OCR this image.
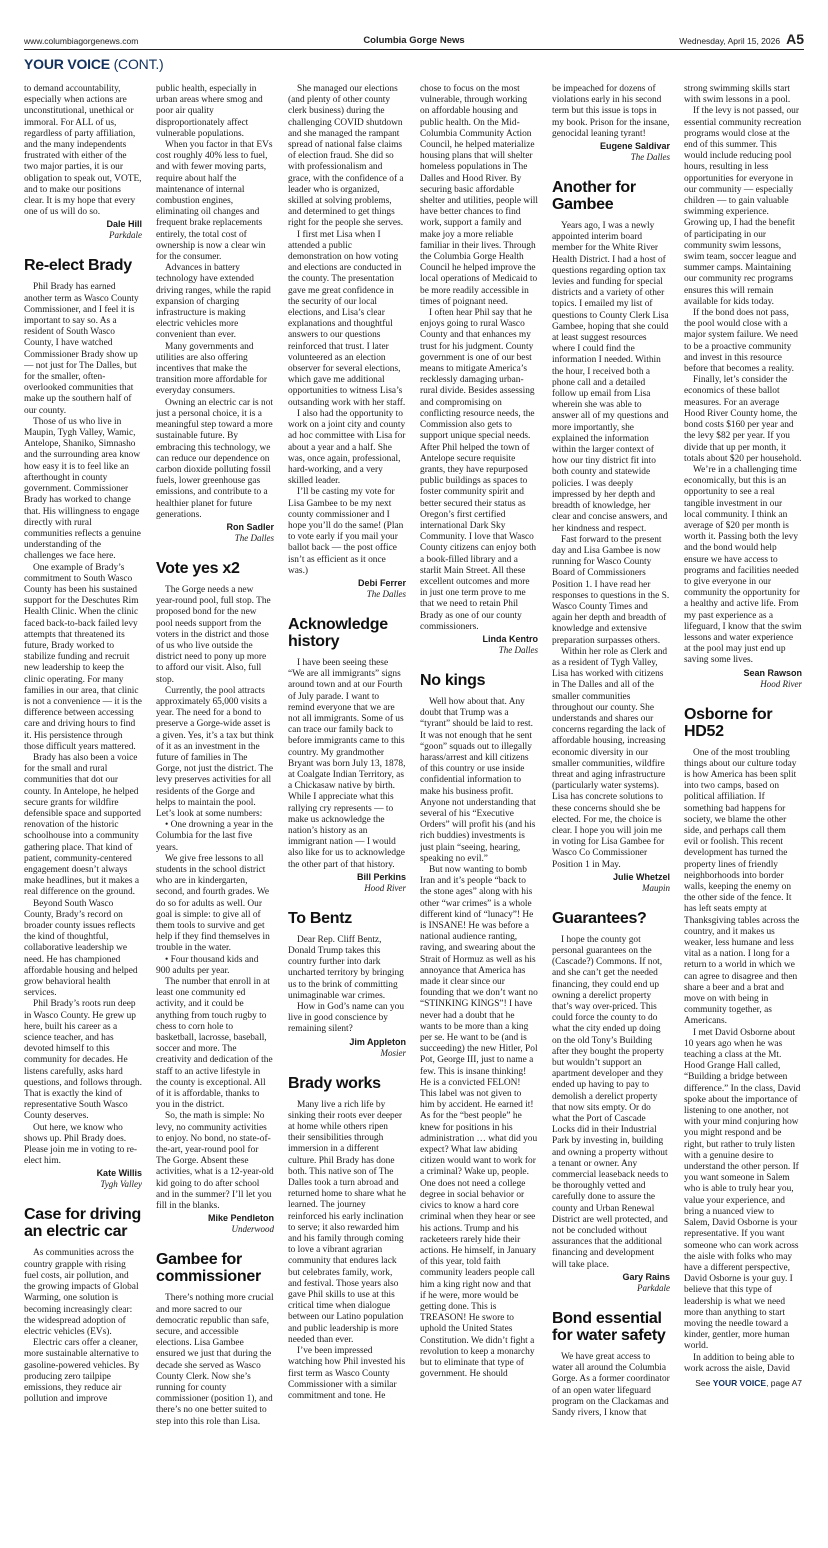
www.columbiagorgenews.com	Columbia Gorge News	Wednesday, April 15, 2026 A5
YOUR VOICE (CONT.)

to demand accountability, especially when actions are unconstitutional, unethical or immoral. For ALL of us, regardless of party affiliation, and the many independents frustrated with either of the two major parties, it is our obligation to speak out, VOTE, and to make our positions clear. It is my hope that every one of us will do so.

Dale Hill
Parkdale
Re-elect Brady

Phil Brady has earned another term as Wasco County Commissioner, and I feel it is important to say so. As a resident of South Wasco County, I have watched Commissioner Brady show up — not just for The Dalles, but for the smaller, often-overlooked communities that make up the southern half of our county.

Those of us who live in Maupin, Tygh Valley, Wamic, Antelope, Shaniko, Simnasho and the surrounding area know how easy it is to feel like an afterthought in county government. Commissioner Brady has worked to change that. His willingness to engage directly with rural communities reflects a genuine understanding of the challenges we face here.

One example of Brady’s commitment to South Wasco County has been his sustained support for the Deschutes Rim Health Clinic. When the clinic faced back-to-back failed levy attempts that threatened its future, Brady worked to stabilize funding and recruit new leadership to keep the clinic operating. For many families in our area, that clinic is not a convenience — it is the difference between accessing care and driving hours to find it. His persistence through those difficult years mattered.

Brady has also been a voice for the small and rural communities that dot our county. In Antelope, he helped secure grants for wildfire defensible space and supported renovation of the historic schoolhouse into a community gathering place. That kind of patient, community-centered engagement doesn’t always make headlines, but it makes a real difference on the ground.

Beyond South Wasco County, Brady’s record on broader county issues reflects the kind of thoughtful, collaborative leadership we need. He has championed affordable housing and helped grow behavioral health services.

Phil Brady’s roots run deep in Wasco County. He grew up here, built his career as a science teacher, and has devoted himself to this community for decades. He listens carefully, asks hard questions, and follows through. That is exactly the kind of representative South Wasco County deserves.

Out here, we know who shows up. Phil Brady does. Please join me in voting to re-elect him.

Kate Willis
Tygh Valley
Case for driving an electric car

As communities across the country grapple with rising fuel costs, air pollution, and the growing impacts of Global Warming, one solution is becoming increasingly clear: the widespread adoption of electric vehicles (EVs).

Electric cars offer a cleaner, more sustainable alternative to gasoline-powered vehicles. By producing zero tailpipe emissions, they reduce air pollution and improve

public health, especially in urban areas where smog and poor air quality disproportionately affect vulnerable populations.

When you factor in that EVs cost roughly 40% less to fuel, and with fewer moving parts, require about half the maintenance of internal combustion engines, eliminating oil changes and frequent brake replacements entirely, the total cost of ownership is now a clear win for the consumer.

Advances in battery technology have extended driving ranges, while the rapid expansion of charging infrastructure is making electric vehicles more convenient than ever.

Many governments and utilities are also offering incentives that make the transition more affordable for everyday consumers.

Owning an electric car is not just a personal choice, it is a meaningful step toward a more sustainable future. By embracing this technology, we can reduce our dependence on carbon dioxide polluting fossil fuels, lower greenhouse gas emissions, and contribute to a healthier planet for future generations.

Ron Sadler
The Dalles
Vote yes x2

The Gorge needs a new year-round pool, full stop. The proposed bond for the new pool needs support from the voters in the district and those of us who live outside the district need to pony up more to afford our visit. Also, full stop.

Currently, the pool attracts approximately 65,000 visits a year. The need for a bond to preserve a Gorge-wide asset is a given. Yes, it’s a tax but think of it as an investment in the future of families in The Gorge, not just the district. The levy preserves activities for all residents of the Gorge and helps to maintain the pool. Let’s look at some numbers:

• One drowning a year in the Columbia for the last five years.

We give free lessons to all students in the school district who are in kindergarten, second, and fourth grades. We do so for adults as well. Our goal is simple: to give all of them tools to survive and get help if they find themselves in trouble in the water.

• Four thousand kids and 900 adults per year.

The number that enroll in at least one community ed activity, and it could be anything from touch rugby to chess to corn hole to basketball, lacrosse, baseball, soccer and more. The creativity and dedication of the staff to an active lifestyle in the county is exceptional. All of it is affordable, thanks to you in the district.

So, the math is simple: No levy, no community activities to enjoy. No bond, no state-of-the-art, year-round pool for The Gorge. Absent these activities, what is a 12-year-old kid going to do after school and in the summer? I’ll let you fill in the blanks.

Mike Pendleton
Underwood
Gambee for commissioner

There’s nothing more crucial and more sacred to our democratic republic than safe, secure, and accessible elections. Lisa Gambee ensured we just that during the decade she served as Wasco County Clerk. Now she’s running for county commissioner (position 1), and there’s no one better suited to step into this role than Lisa.

She managed our elections (and plenty of other county clerk business) during the challenging COVID shutdown and she managed the rampant spread of national false claims of election fraud. She did so with professionalism and grace, with the confidence of a leader who is organized, skilled at solving problems, and determined to get things right for the people she serves.

I first met Lisa when I attended a public demonstration on how voting and elections are conducted in the county. The presentation gave me great confidence in the security of our local elections, and Lisa’s clear explanations and thoughtful answers to our questions reinforced that trust. I later volunteered as an election observer for several elections, which gave me additional opportunities to witness Lisa’s outsanding work with her staff.

I also had the opportunity to work on a joint city and county ad hoc committee with Lisa for about a year and a half. She was, once again, professional, hard-working, and a very skilled leader.

I’ll be casting my vote for Lisa Gambee to be my next county commissioner and I hope you’ll do the same! (Plan to vote early if you mail your ballot back — the post office isn’t as efficient as it once was.)

Debi Ferrer
The Dalles
Acknowledge history

I have been seeing these “We are all immigrants” signs around town and at our Fourth of July parade. I want to remind everyone that we are not all immigrants. Some of us can trace our family back to before immigrants came to this country. My grandmother Bryant was born July 13, 1878, at Coalgate Indian Territory, as a Chickasaw native by birth. While I appreciate what this rallying cry represents — to make us acknowledge the nation’s history as an immigrant nation — I would also like for us to acknowledge the other part of that history.

Bill Perkins
Hood River
To Bentz

Dear Rep. Cliff Bentz, Donald Trump takes this country further into dark uncharted territory by bringing us to the brink of committing unimaginable war crimes.

How in God’s name can you live in good conscience by remaining silent?

Jim Appleton
Mosier
Brady works

Many live a rich life by sinking their roots ever deeper at home while others ripen their sensibilities through immersion in a different culture. Phil Brady has done both. This native son of The Dalles took a turn abroad and returned home to share what he learned. The journey reinforced his early inclination to serve; it also rewarded him and his family through coming to love a vibrant agrarian community that endures lack but celebrates family, work, and festival. Those years also gave Phil skills to use at this critical time when dialogue between our Latino population and public leadership is more needed than ever.

I’ve been impressed watching how Phil invested his first term as Wasco County Commissioner with a similar commitment and tone. He

chose to focus on the most vulnerable, through working on affordable housing and public health. On the Mid-Columbia Community Action Council, he helped materialize housing plans that will shelter homeless populations in The Dalles and Hood River. By securing basic affordable shelter and utilities, people will have better chances to find work, support a family and make joy a more reliable familiar in their lives. Through the Columbia Gorge Health Council he helped improve the local operations of Medicaid to be more readily accessible in times of poignant need.

I often hear Phil say that he enjoys going to rural Wasco County and that enhances my trust for his judgment. County government is one of our best means to mitigate America’s recklessly damaging urban-rural divide. Besides assessing and compromising on conflicting resource needs, the Commission also gets to support unique special needs. After Phil helped the town of Antelope secure requisite grants, they have repurposed public buildings as spaces to foster community spirit and better secured their status as Oregon’s first certified international Dark Sky Community. I love that Wasco County citizens can enjoy both a book-filled library and a starlit Main Street. All these excellent outcomes and more in just one term prove to me that we need to retain Phil Brady as one of our county commissioners.

Linda Kentro
The Dalles
No kings

Well how about that. Any doubt that Trump was a “tyrant” should be laid to rest. It was not enough that he sent “goon” squads out to illegally harass/arrest and kill citizens of this country or use inside confidential information to make his business profit. Anyone not understanding that several of his “Executive Orders” will profit his (and his rich buddies) investments is just plain “seeing, hearing, speaking no evil.”

But now wanting to bomb Iran and it’s people “back to the stone ages” along with his other “war crimes” is a whole different kind of “lunacy”! He is INSANE! He was before a national audience ranting, raving, and swearing about the Strait of Hormuz as well as his annoyance that America has made it clear since our founding that we don’t want no “STINKING KINGS”! I have never had a doubt that he wants to be more than a king per se. He want to be (and is succeeding) the new Hitler, Pol Pot, George III, just to name a few. This is insane thinking! He is a convicted FELON! This label was not given to him by accident. He earned it! As for the “best people” he knew for positions in his administration … what did you expect? What law abiding citizen would want to work for a criminal? Wake up, people. One does not need a college degree in social behavior or civics to know a hard core criminal when they hear or see his actions. Trump and his racketeers rarely hide their actions. He himself, in January of this year, told faith community leaders people call him a king right now and that if he were, more would be getting done. This is TREASON! He swore to uphold the United States Constitution. We didn’t fight a revolution to keep a monarchy but to eliminate that type of government. He should

be impeached for dozens of violations early in his second term but this issue is tops in my book. Prison for the insane, genocidal leaning tyrant!

Eugene Saldivar
The Dalles
Another for Gambee

Years ago, I was a newly appointed interim board member for the White River Health District. I had a host of questions regarding option tax levies and funding for special districts and a variety of other topics. I emailed my list of questions to County Clerk Lisa Gambee, hoping that she could at least suggest resources where I could find the information I needed. Within the hour, I received both a phone call and a detailed follow up email from Lisa wherein she was able to answer all of my questions and more importantly, she explained the information within the larger context of how our tiny district fit into both county and statewide policies. I was deeply impressed by her depth and breadth of knowledge, her clear and concise answers, and her kindness and respect.

Fast forward to the present day and Lisa Gambee is now running for Wasco County Board of Commissioners Position 1. I have read her responses to questions in the S. Wasco County Times and again her depth and breadth of knowledge and extensive preparation surpasses others.

Within her role as Clerk and as a resident of Tygh Valley, Lisa has worked with citizens in The Dalles and all of the smaller communities throughout our county. She understands and shares our concerns regarding the lack of affordable housing, increasing economic diversity in our smaller communities, wildfire threat and aging infrastructure (particularly water systems). Lisa has concrete solutions to these concerns should she be elected. For me, the choice is clear. I hope you will join me in voting for Lisa Gambee for Wasco Co Commissioner Position 1 in May.

Julie Whetzel
Maupin
Guarantees?

I hope the county got personal guarantees on the (Cascade?) Commons. If not, and she can’t get the needed financing, they could end up owning a derelict property that’s way over-priced. This could force the county to do what the city ended up doing on the old Tony’s Building after they bought the property but wouldn’t support an apartment developer and they ended up having to pay to demolish a derelict property that now sits empty. Or do what the Port of Cascade Locks did in their Industrial Park by investing in, building and owning a property without a tenant or owner. Any commercial leaseback needs to be thoroughly vetted and carefully done to assure the county and Urban Renewal District are well protected, and not be concluded without assurances that the additional financing and development will take place.

Gary Rains
Parkdale
Bond essential for water safety

We have great access to water all around the Columbia Gorge. As a former coordinator of an open water lifeguard program on the Clackamas and Sandy rivers, I know that

strong swimming skills start with swim lessons in a pool.

If the levy is not passed, our essential community recreation programs would close at the end of this summer. This would include reducing pool hours, resulting in less opportunities for everyone in our community — especially children — to gain valuable swimming experience. Growing up, I had the benefit of participating in our community swim lessons, swim team, soccer league and summer camps. Maintaining our community rec programs ensures this will remain available for kids today.

If the bond does not pass, the pool would close with a major system failure. We need to be a proactive community and invest in this resource before that becomes a reality.

Finally, let’s consider the economics of these ballot measures. For an average Hood River County home, the bond costs $160 per year and the levy $82 per year. If you divide that up per month, it totals about $20 per household.

We’re in a challenging time economically, but this is an opportunity to see a real tangible investment in our local community. I think an average of $20 per month is worth it. Passing both the levy and the bond would help ensure we have access to programs and facilities needed to give everyone in our community the opportunity for a healthy and active life. From my past experience as a lifeguard, I know that the swim lessons and water experience at the pool may just end up saving some lives.

Sean Rawson
Hood River
Osborne for HD52

One of the most troubling things about our culture today is how America has been split into two camps, based on political affiliation. If something bad happens for society, we blame the other side, and perhaps call them evil or foolish. This recent development has turned the property lines of friendly neighborhoods into border walls, keeping the enemy on the other side of the fence. It has left seats empty at Thanksgiving tables across the country, and it makes us weaker, less humane and less vital as a nation. I long for a return to a world in which we can agree to disagree and then share a beer and a brat and move on with being in community together, as Americans.

I met David Osborne about 10 years ago when he was teaching a class at the Mt. Hood Grange Hall called, “Building a bridge between difference.” In the class, David spoke about the importance of listening to one another, not with your mind conjuring how you might respond and be right, but rather to truly listen with a genuine desire to understand the other person. If you want someone in Salem who is able to truly hear you, value your experience, and bring a nuanced view to Salem, David Osborne is your representative. If you want someone who can work across the aisle with folks who may have a different perspective, David Osborne is your guy. I believe that this type of leadership is what we need more than anything to start moving the needle toward a kinder, gentler, more human world.

In addition to being able to work across the aisle, David

See YOUR VOICE, page A7
